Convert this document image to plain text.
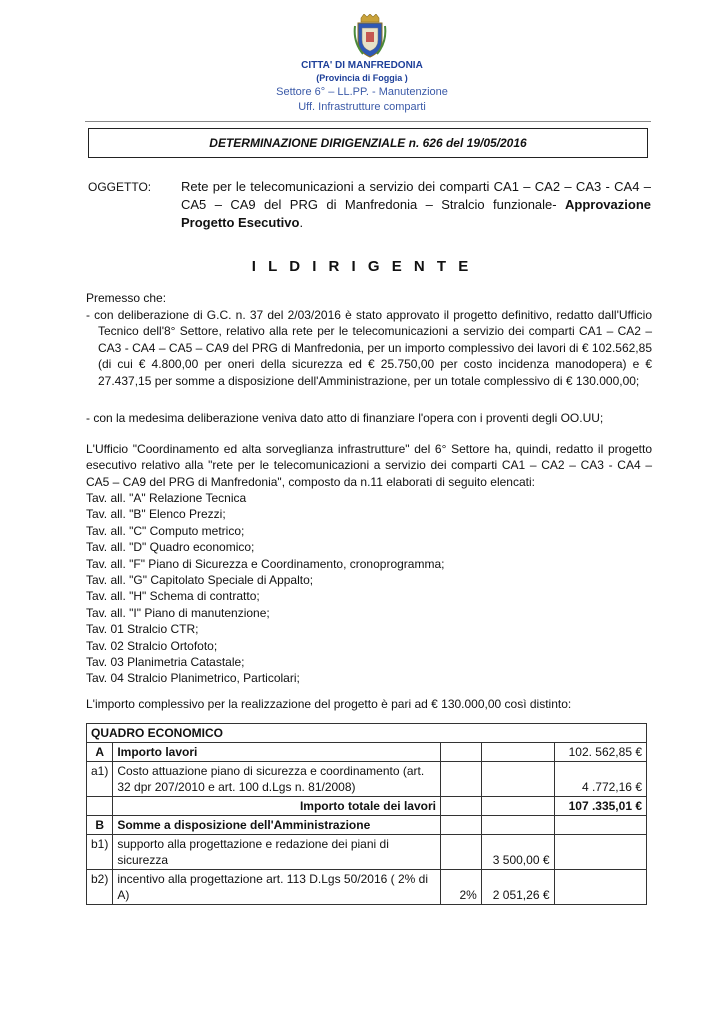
CITTA' DI MANFREDONIA
(Provincia di Foggia )
Settore 6° – LL.PP. - Manutenzione
Uff. Infrastrutture comparti
DETERMINAZIONE DIRIGENZIALE n. 626 del 19/05/2016
OGGETTO: Rete per le telecomunicazioni a servizio dei comparti CA1 – CA2 – CA3 - CA4 – CA5 – CA9 del PRG di Manfredonia – Stralcio funzionale- Approvazione Progetto Esecutivo.
I L D I R I G E N T E
Premesso che:
- con deliberazione di G.C. n. 37 del 2/03/2016 è stato approvato il progetto definitivo, redatto dall'Ufficio Tecnico dell'8° Settore, relativo alla rete per le telecomunicazioni a servizio dei comparti CA1 – CA2 – CA3 - CA4 – CA5 – CA9 del PRG di Manfredonia, per un importo complessivo dei lavori di € 102.562,85 (di cui € 4.800,00 per oneri della sicurezza ed € 25.750,00 per costo incidenza manodopera) e € 27.437,15 per somme a disposizione dell'Amministrazione, per un totale complessivo di € 130.000,00;
- con la medesima deliberazione veniva dato atto di finanziare l'opera con i proventi degli OO.UU;
L'Ufficio "Coordinamento ed alta sorveglianza infrastrutture" del 6° Settore ha, quindi, redatto il progetto esecutivo relativo alla "rete per le telecomunicazioni a servizio dei comparti CA1 – CA2 – CA3 - CA4 – CA5 – CA9 del PRG di Manfredonia", composto da n.11 elaborati di seguito elencati:
Tav. all. "A" Relazione Tecnica
Tav. all. "B" Elenco Prezzi;
Tav. all. "C" Computo metrico;
Tav. all. "D" Quadro economico;
Tav. all. "F" Piano di Sicurezza e Coordinamento, cronoprogramma;
Tav. all. "G" Capitolato Speciale di Appalto;
Tav. all. "H" Schema di contratto;
Tav. all. "I" Piano di manutenzione;
Tav. 01 Stralcio CTR;
Tav. 02 Stralcio Ortofoto;
Tav. 03 Planimetria Catastale;
Tav. 04 Stralcio Planimetrico, Particolari;
L'importo complessivo per la realizzazione del progetto è pari ad € 130.000,00 così distinto:
QUADRO ECONOMICO				
A	Importo lavori			102. 562,85 €
a1)	Costo attuazione piano di sicurezza e coordinamento (art. 32 dpr 207/2010 e art. 100 d.Lgs n. 81/2008)			4 .772,16 €
	Importo totale dei lavori			107 .335,01 €
B	Somme a disposizione dell'Amministrazione			
b1)	supporto alla progettazione e redazione dei piani di sicurezza		3 500,00 €	
b2)	incentivo alla progettazione art. 113 D.Lgs 50/2016 ( 2% di A)	2%	2 051,26 €	
